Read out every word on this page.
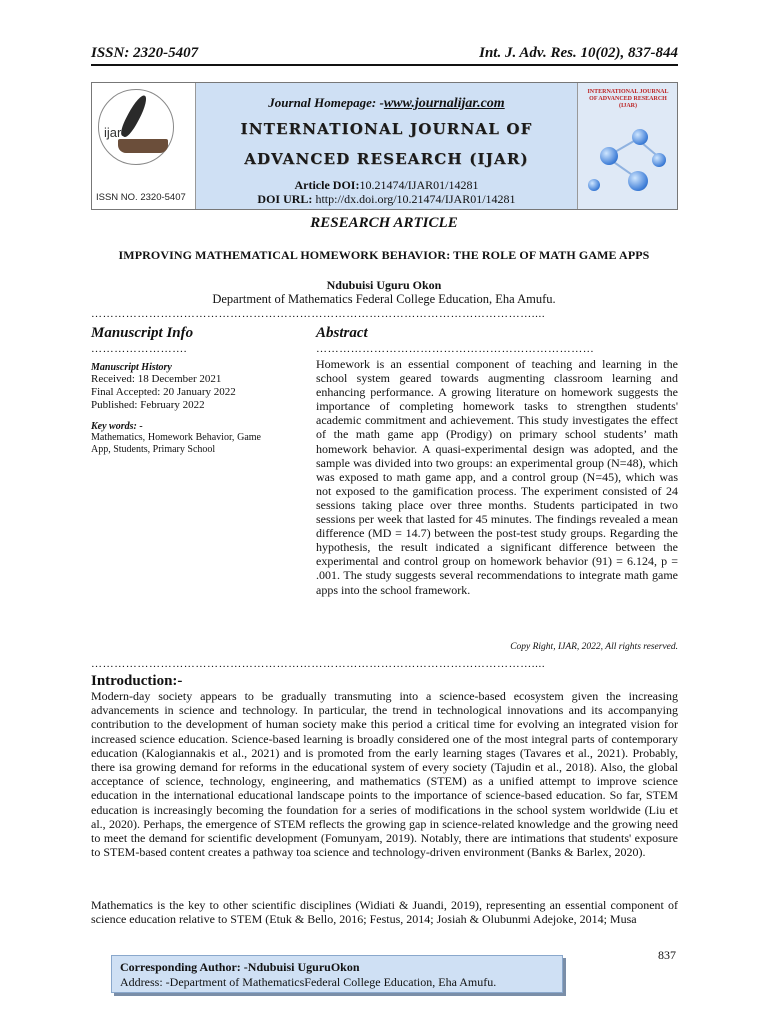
ISSN: 2320-5407	Int. J. Adv. Res. 10(02), 837-844
ijar
ISSN NO. 2320-5407
Journal Homepage: -www.journalijar.com
INTERNATIONAL JOURNAL OF
ADVANCED RESEARCH (IJAR)
Article DOI:10.21474/IJAR01/14281
DOI URL: http://dx.doi.org/10.21474/IJAR01/14281
INTERNATIONAL JOURNAL OF ADVANCED RESEARCH (IJAR)
RESEARCH ARTICLE
IMPROVING MATHEMATICAL HOMEWORK BEHAVIOR: THE ROLE OF MATH GAME APPS
Ndubuisi Uguru Okon
Department of Mathematics Federal College Education, Eha Amufu.
……………………………………………………………………………………………………....
Manuscript Info
…………………….
Manuscript History
Received: 18 December 2021
Final Accepted: 20 January 2022
Published: February 2022
Key words: -
Mathematics, Homework Behavior, Game App, Students, Primary School
Abstract
………………………………………………………………
Homework is an essential component of teaching and learning in the school system geared towards augmenting classroom learning and enhancing performance. A growing literature on homework suggests the importance of completing homework tasks to strengthen students' academic commitment and achievement. This study investigates the effect of the math game app (Prodigy) on primary school students’ math homework behavior. A quasi-experimental design was adopted, and the sample was divided into two groups: an experimental group (N=48), which was exposed to math game app, and a control group (N=45), which was not exposed to the gamification process. The experiment consisted of 24 sessions taking place over three months. Students participated in two sessions per week that lasted for 45 minutes. The findings revealed a mean difference (MD = 14.7) between the post-test study groups. Regarding the hypothesis, the result indicated a significant difference between the experimental and control group on homework behavior (91) = 6.124, p = .001. The study suggests several recommendations to integrate math game apps into the school framework.
Copy Right, IJAR, 2022, All rights reserved.
……………………………………………………………………………………………………....
Introduction:-
Modern-day society appears to be gradually transmuting into a science-based ecosystem given the increasing advancements in science and technology. In particular, the trend in technological innovations and its accompanying contribution to the development of human society make this period a critical time for evolving an integrated vision for increased science education. Science-based learning is broadly considered one of the most integral parts of contemporary education (Kalogiannakis et al., 2021) and is promoted from the early learning stages (Tavares et al., 2021). Probably, there isa growing demand for reforms in the educational system of every society (Tajudin et al., 2018). Also, the global acceptance of science, technology, engineering, and mathematics (STEM) as a unified attempt to improve science education in the international educational landscape points to the importance of science-based education. So far, STEM education is increasingly becoming the foundation for a series of modifications in the school system worldwide (Liu et al., 2020). Perhaps, the emergence of STEM reflects the growing gap in science-related knowledge and the growing need to meet the demand for scientific development (Fomunyam, 2019). Notably, there are intimations that students' exposure to STEM-based content creates a pathway toa science and technology-driven environment (Banks & Barlex, 2020).
Mathematics is the key to other scientific disciplines (Widiati & Juandi, 2019), representing an essential component of science education relative to STEM (Etuk & Bello, 2016; Festus, 2014; Josiah & Olubunmi Adejoke, 2014; Musa
837
Corresponding Author: -Ndubuisi UguruOkon
Address: -Department of MathematicsFederal College Education, Eha Amufu.
